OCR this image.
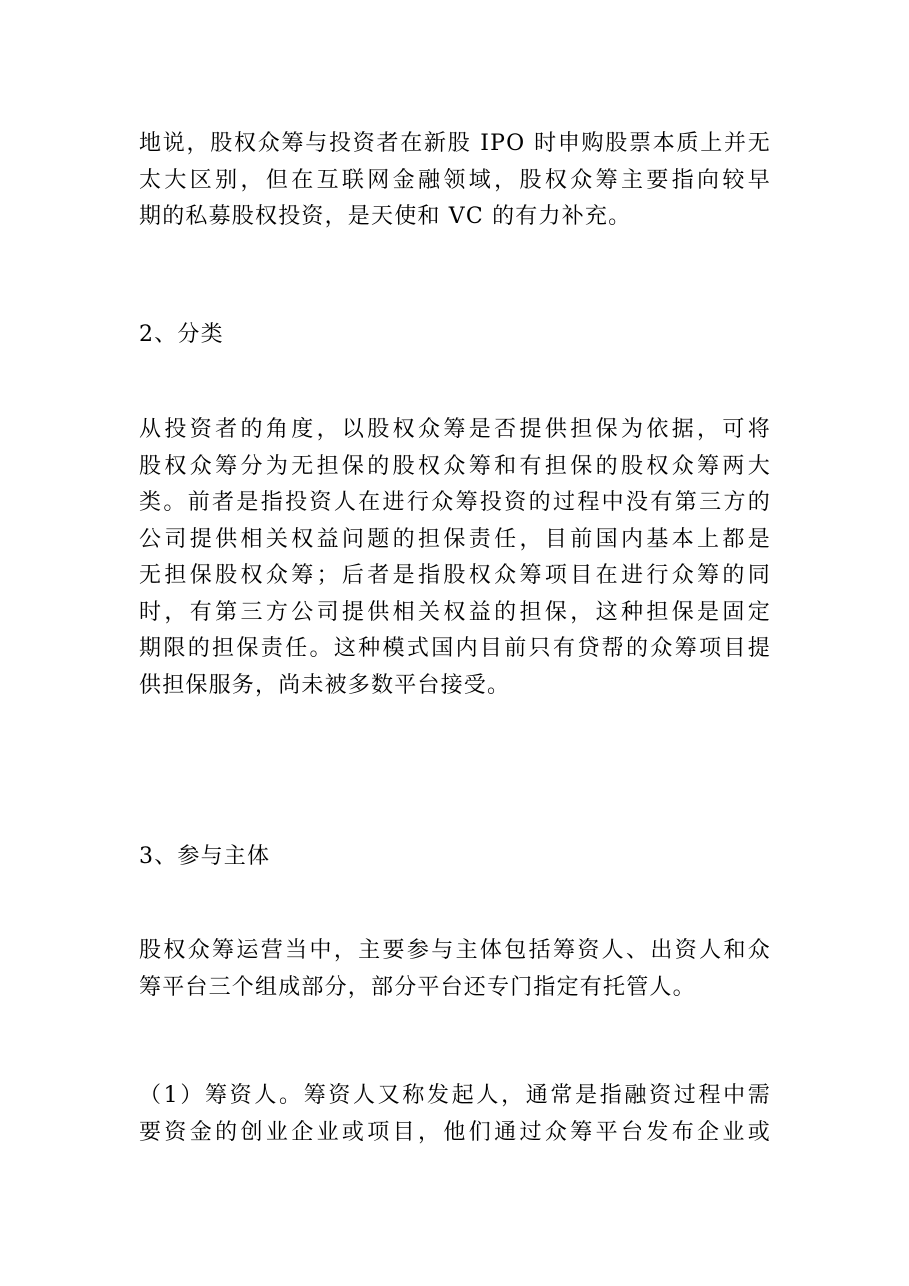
地说，股权众筹与投资者在新股 IPO 时申购股票本质上并无
太大区别，但在互联网金融领域，股权众筹主要指向较早
期的私募股权投资，是天使和 VC 的有力补充。
2、分类
从投资者的角度，以股权众筹是否提供担保为依据，可将
股权众筹分为无担保的股权众筹和有担保的股权众筹两大
类。前者是指投资人在进行众筹投资的过程中没有第三方的
公司提供相关权益问题的担保责任，目前国内基本上都是
无担保股权众筹；后者是指股权众筹项目在进行众筹的同
时，有第三方公司提供相关权益的担保，这种担保是固定
期限的担保责任。这种模式国内目前只有贷帮的众筹项目提
供担保服务，尚未被多数平台接受。
3、参与主体
股权众筹运营当中，主要参与主体包括筹资人、出资人和众
筹平台三个组成部分，部分平台还专门指定有托管人。
（1）筹资人。筹资人又称发起人，通常是指融资过程中需
要资金的创业企业或项目，他们通过众筹平台发布企业或
